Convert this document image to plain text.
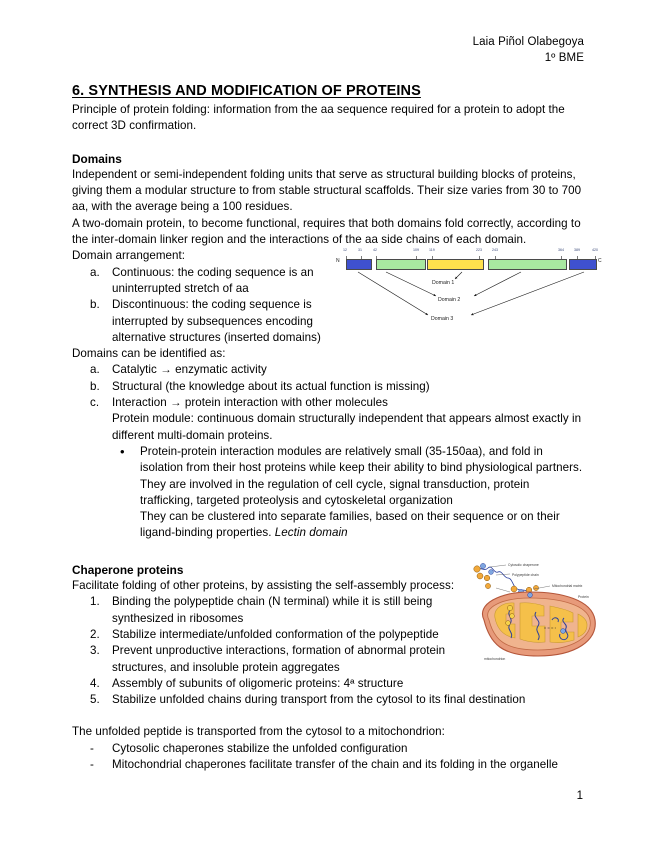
Laia Piñol Olabegoya
1º BME
6. SYNTHESIS AND MODIFICATION OF PROTEINS

Principle of protein folding: information from the aa sequence required for a protein to adopt the correct 3D confirmation.

Domains

Independent or semi-independent folding units that serve as structural building blocks of proteins, giving them a modular structure to from stable structural scaffolds. Their size varies from 30 to 700 aa, with the average being a 100 residues.

A two-domain protein, to become functional, requires that both domains fold correctly, according to the inter-domain linker region and the interactions of the aa side chains of each domain.

Domain arrangement:

a.	Continuous: the coding sequence is an uninterrupted stretch of aa
b.	Discontinuous: the coding sequence is interrupted by subsequences encoding alternative structures (inserted domains)

Domains can be identified as:

a.	Catalytic → enzymatic activity
b.	Structural (the knowledge about its actual function is missing)
c.	Interaction → protein interaction with other molecules
Protein module: continuous domain structurally independent that appears almost exactly in different multi-domain proteins.
•	Protein-protein interaction modules are relatively small (35-150aa), and fold in isolation from their host proteins while keep their ability to bind physiological partners.
They are involved in the regulation of cell cycle, signal transduction, protein trafficking, targeted proteolysis and cytoskeletal organization
They can be clustered into separate families, based on their sequence or on their ligand-binding properties. Lectin domain
Chaperone proteins

Facilitate folding of other proteins, by assisting the self-assembly process:

1.	Binding the polypeptide chain (N terminal) while it is still being synthesized in ribosomes
2.	Stabilize intermediate/unfolded conformation of the polypeptide
3.	Prevent unproductive interactions, formation of abnormal protein structures, and insoluble protein aggregates
4.	Assembly of subunits of oligomeric proteins: 4ª structure
5.	Stabilize unfolded chains during transport from the cytosol to its final destination

The unfolded peptide is transported from the cytosol to a mitochondrion:

-	Cytosolic chaperones stabilize the unfolded configuration
-	Mitochondrial chaperones facilitate transfer of the chain and its folding in the organelle
12	31	42	109	119	223	243	364	389	420
N	C
Domain 1
Domain 2
Domain 3
Cytosolic chaperone
Polypeptide chain
Mitochondrial matrix
Protein
mitochondrion
1
